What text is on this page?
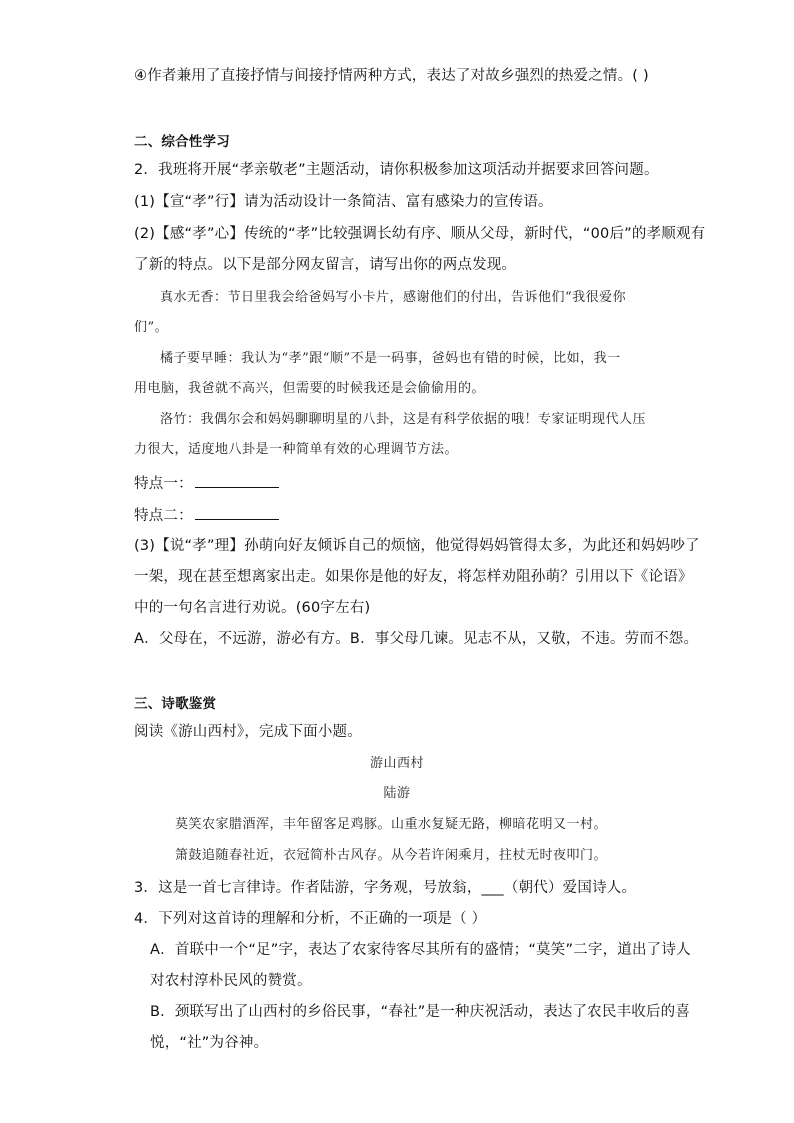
④作者兼用了直接抒情与间接抒情两种方式，表达了对故乡强烈的热爱之情。( )
二、综合性学习
2．我班将开展“孝亲敬老”主题活动，请你积极参加这项活动并据要求回答问题。
(1)【宣“孝”行】请为活动设计一条简洁、富有感染力的宣传语。
(2)【感“孝”心】传统的“孝”比较强调长幼有序、顺从父母，新时代，“00后”的孝顺观有
了新的特点。以下是部分网友留言，请写出你的两点发现。
真水无香：节日里我会给爸妈写小卡片，感谢他们的付出，告诉他们“我很爱你
们”。
橘子要早睡：我认为“孝”跟“顺”不是一码事，爸妈也有错的时候，比如，我一
用电脑，我爸就不高兴，但需要的时候我还是会偷偷用的。
洛竹：我偶尔会和妈妈聊聊明星的八卦，这是有科学依据的哦！专家证明现代人压
力很大，适度地八卦是一种简单有效的心理调节方法。
特点一：
特点二：
(3)【说“孝”理】孙萌向好友倾诉自己的烦恼，他觉得妈妈管得太多，为此还和妈妈吵了
一架，现在甚至想离家出走。如果你是他的好友，将怎样劝阻孙萌？引用以下《论语》
中的一句名言进行劝说。(60字左右)
A．父母在，不远游，游必有方。B．事父母几谏。见志不从，又敬，不违。劳而不怨。
三、诗歌鉴赏
阅读《游山西村》，完成下面小题。
游山西村
陆游
莫笑农家腊酒浑，丰年留客足鸡豚。山重水复疑无路，柳暗花明又一村。
箫鼓追随春社近，衣冠简朴古风存。从今若许闲乘月，拄杖无时夜叩门。
3．这是一首七言律诗。作者陆游，字务观，号放翁，___（朝代）爱国诗人。
4．下列对这首诗的理解和分析，不正确的一项是（ ）
A．首联中一个“足”字，表达了农家待客尽其所有的盛情；“莫笑”二字，道出了诗人
对农村淳朴民风的赞赏。
B．颈联写出了山西村的乡俗民事，“春社”是一种庆祝活动，表达了农民丰收后的喜
悦，“社”为谷神。
